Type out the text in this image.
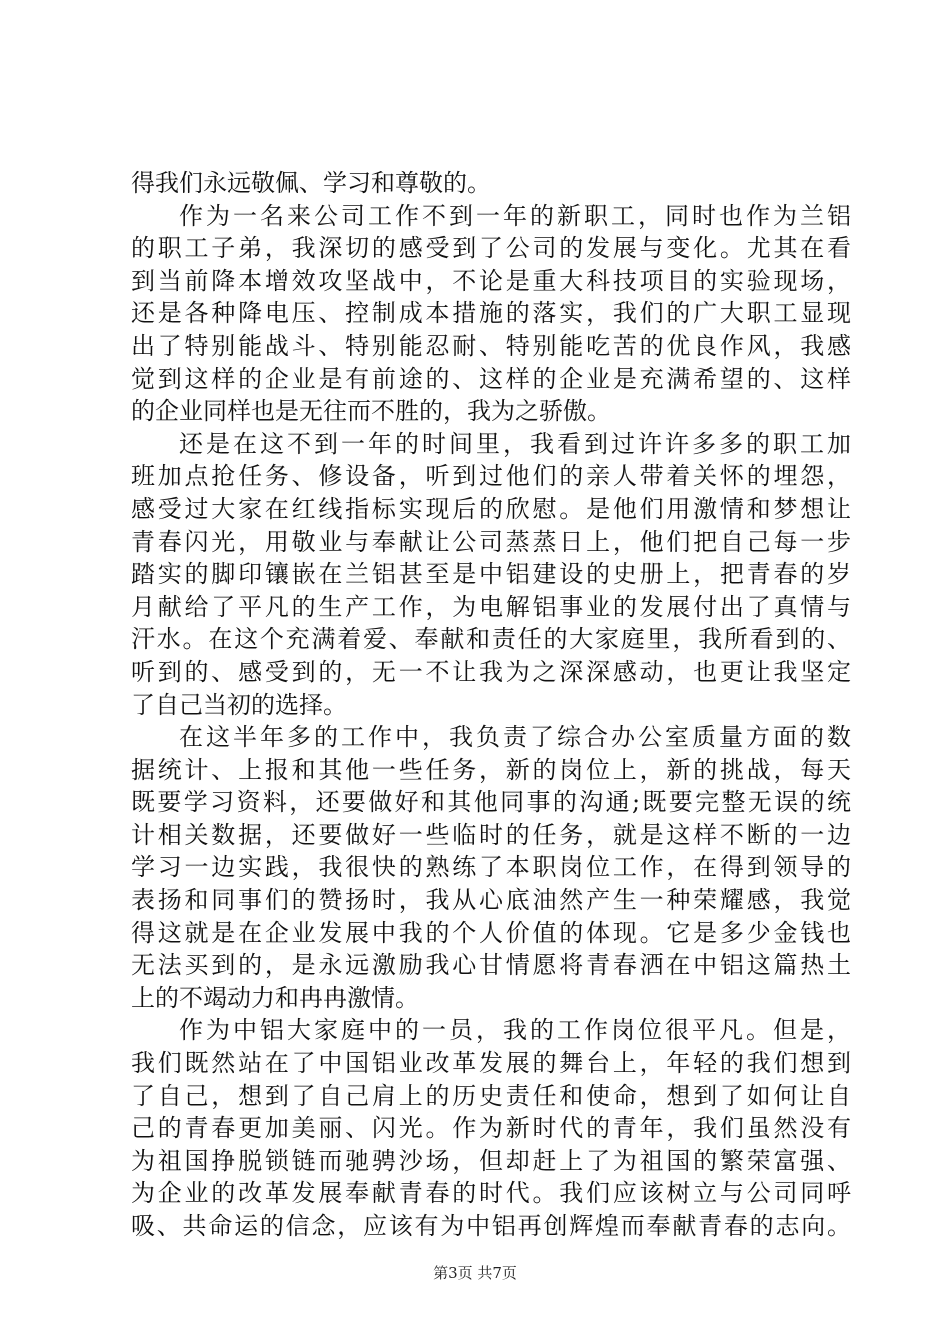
得我们永远敬佩、学习和尊敬的。
作为一名来公司工作不到一年的新职工，同时也作为兰铝
的职工子弟，我深切的感受到了公司的发展与变化。尤其在看
到当前降本增效攻坚战中，不论是重大科技项目的实验现场，
还是各种降电压、控制成本措施的落实，我们的广大职工显现
出了特别能战斗、特别能忍耐、特别能吃苦的优良作风，我感
觉到这样的企业是有前途的、这样的企业是充满希望的、这样
的企业同样也是无往而不胜的，我为之骄傲。
还是在这不到一年的时间里，我看到过许许多多的职工加
班加点抢任务、修设备，听到过他们的亲人带着关怀的埋怨，
感受过大家在红线指标实现后的欣慰。是他们用激情和梦想让
青春闪光，用敬业与奉献让公司蒸蒸日上，他们把自己每一步
踏实的脚印镶嵌在兰铝甚至是中铝建设的史册上，把青春的岁
月献给了平凡的生产工作，为电解铝事业的发展付出了真情与
汗水。在这个充满着爱、奉献和责任的大家庭里，我所看到的、
听到的、感受到的，无一不让我为之深深感动，也更让我坚定
了自己当初的选择。
在这半年多的工作中，我负责了综合办公室质量方面的数
据统计、上报和其他一些任务，新的岗位上，新的挑战，每天
既要学习资料，还要做好和其他同事的沟通;既要完整无误的统
计相关数据，还要做好一些临时的任务，就是这样不断的一边
学习一边实践，我很快的熟练了本职岗位工作，在得到领导的
表扬和同事们的赞扬时，我从心底油然产生一种荣耀感，我觉
得这就是在企业发展中我的个人价值的体现。它是多少金钱也
无法买到的，是永远激励我心甘情愿将青春洒在中铝这篇热土
上的不竭动力和冉冉激情。
作为中铝大家庭中的一员，我的工作岗位很平凡。但是，
我们既然站在了中国铝业改革发展的舞台上，年轻的我们想到
了自己，想到了自己肩上的历史责任和使命，想到了如何让自
己的青春更加美丽、闪光。作为新时代的青年，我们虽然没有
为祖国挣脱锁链而驰骋沙场，但却赶上了为祖国的繁荣富强、
为企业的改革发展奉献青春的时代。我们应该树立与公司同呼
吸、共命运的信念，应该有为中铝再创辉煌而奉献青春的志向。
第3页 共7页
